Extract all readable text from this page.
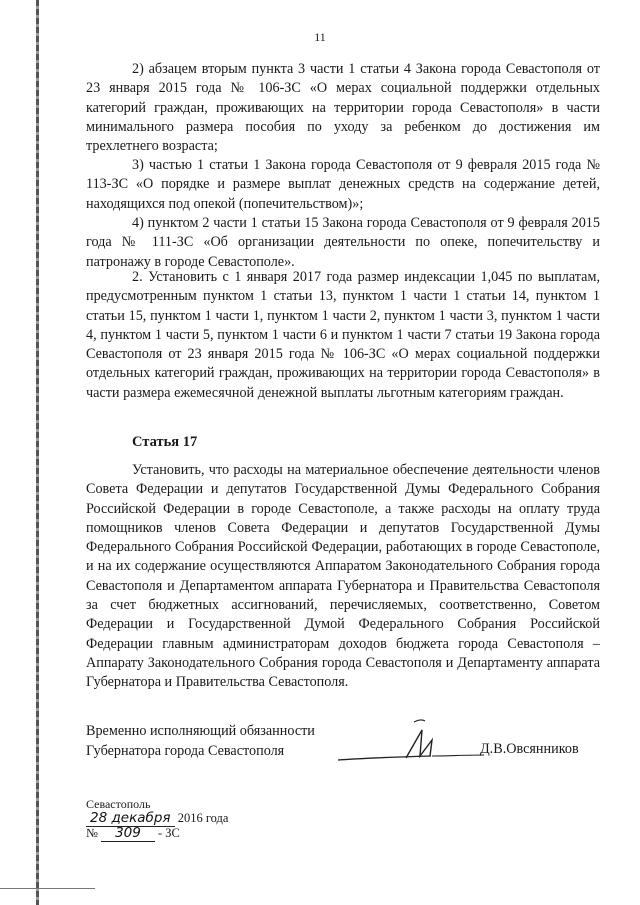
11

2) абзацем вторым пункта 3 части 1 статьи 4 Закона города Севастополя от 23 января 2015 года № 106-ЗС «О мерах социальной поддержки отдельных категорий граждан, проживающих на территории города Севастополя» в части минимального размера пособия по уходу за ребенком до достижения им трехлетнего возраста;

3) частью 1 статьи 1 Закона города Севастополя от 9 февраля 2015 года № 113-ЗС «О порядке и размере выплат денежных средств на содержание детей, находящихся под опекой (попечительством)»;

4) пунктом 2 части 1 статьи 15 Закона города Севастополя от 9 февраля 2015 года № 111-ЗС «Об организации деятельности по опеке, попечительству и патронажу в городе Севастополе».

2. Установить с 1 января 2017 года размер индексации 1,045 по выплатам, предусмотренным пунктом 1 статьи 13, пунктом 1 части 1 статьи 14, пунктом 1 статьи 15, пунктом 1 части 1, пунктом 1 части 2, пунктом 1 части 3, пунктом 1 части 4, пунктом 1 части 5, пунктом 1 части 6 и пунктом 1 части 7 статьи 19 Закона города Севастополя от 23 января 2015 года № 106-ЗС «О мерах социальной поддержки отдельных категорий граждан, проживающих на территории города Севастополя» в части размера ежемесячной денежной выплаты льготным категориям граждан.

Статья 17

Установить, что расходы на материальное обеспечение деятельности членов Совета Федерации и депутатов Государственной Думы Федерального Собрания Российской Федерации в городе Севастополе, а также расходы на оплату труда помощников членов Совета Федерации и депутатов Государственной Думы Федерального Собрания Российской Федерации, работающих в городе Севастополе, и на их содержание осуществляются Аппаратом Законодательного Собрания города Севастополя и Департаментом аппарата Губернатора и Правительства Севастополя за счет бюджетных ассигнований, перечисляемых, соответственно, Советом Федерации и Государственной Думой Федерального Собрания Российской Федерации главным администраторам доходов бюджета города Севастополя – Аппарату Законодательного Собрания города Севастополя и Департаменту аппарата Губернатора и Правительства Севастополя.

Временно исполняющий обязанности
Губернатора города Севастополя	Д.В.Овсянников
Севастополь
28 декабря 2016 года
№ 309 - ЗС
